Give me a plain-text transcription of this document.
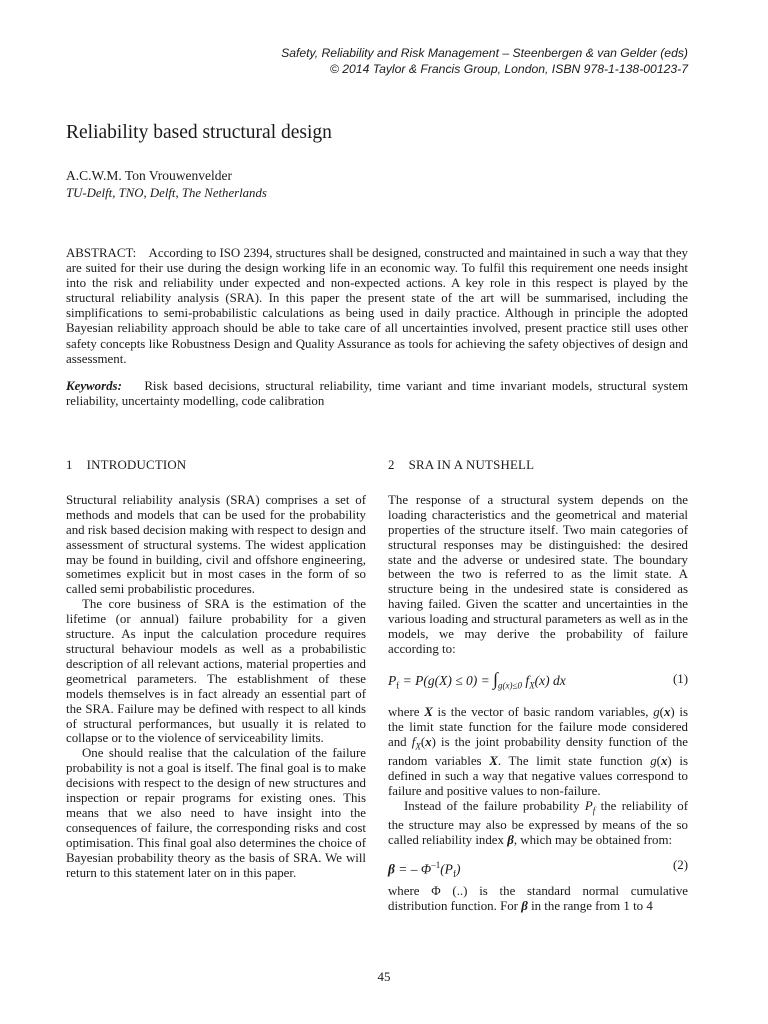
Safety, Reliability and Risk Management – Steenbergen & van Gelder (eds)
© 2014 Taylor & Francis Group, London, ISBN 978-1-138-00123-7
Reliability based structural design
A.C.W.M. Ton Vrouwenvelder
TU-Delft, TNO, Delft, The Netherlands
ABSTRACT: According to ISO 2394, structures shall be designed, constructed and maintained in such a way that they are suited for their use during the design working life in an economic way. To fulfil this requirement one needs insight into the risk and reliability under expected and non-expected actions. A key role in this respect is played by the structural reliability analysis (SRA). In this paper the present state of the art will be summarised, including the simplifications to semi-probabilistic calculations as being used in daily practice. Although in principle the adopted Bayesian reliability approach should be able to take care of all uncertainties involved, present practice still uses other safety concepts like Robustness Design and Quality Assurance as tools for achieving the safety objectives of design and assessment.
Keywords: Risk based decisions, structural reliability, time variant and time invariant models, structural system reliability, uncertainty modelling, code calibration
1 INTRODUCTION

Structural reliability analysis (SRA) comprises a set of methods and models that can be used for the probability and risk based decision making with respect to design and assessment of structural systems. The widest application may be found in building, civil and offshore engineering, sometimes explicit but in most cases in the form of so called semi probabilistic procedures.

The core business of SRA is the estimation of the lifetime (or annual) failure probability for a given structure. As input the calculation procedure requires structural behaviour models as well as a probabilistic description of all relevant actions, material properties and geometrical parameters. The establishment of these models themselves is in fact already an essential part of the SRA. Failure may be defined with respect to all kinds of structural performances, but usually it is related to collapse or to the violence of serviceability limits.

One should realise that the calculation of the failure probability is not a goal is itself. The final goal is to make decisions with respect to the design of new structures and inspection or repair programs for existing ones. This means that we also need to have insight into the consequences of failure, the corresponding risks and cost optimisation. This final goal also determines the choice of Bayesian probability theory as the basis of SRA. We will return to this statement later on in this paper.

2 SRA IN A NUTSHELL

The response of a structural system depends on the loading characteristics and the geometrical and material properties of the structure itself. Two main categories of structural responses may be distinguished: the desired state and the adverse or undesired state. The boundary between the two is referred to as the limit state. A structure being in the undesired state is considered as having failed. Given the scatter and uncertainties in the various loading and structural parameters as well as in the models, we may derive the probability of failure according to:

$P_f = P(g(X) \le 0) = \int_{g(x)\le 0}$ $f_X(x)$ dx	(1)

where X is the vector of basic random variables, g(x) is the limit state function for the failure mode considered and $f_X(x)$ is the joint probability density function of the random variables X. The limit state function g(x) is defined in such a way that negative values correspond to failure and positive values to non-failure.

Instead of the failure probability $P_f$ the reliability of the structure may also be expressed by means of the so called reliability index β, which may be obtained from:

β = – $\Phi^{-1}(P_f)$	(2)

where Φ (..) is the standard normal cumulative distribution function. For β in the range from 1 to 4

45
